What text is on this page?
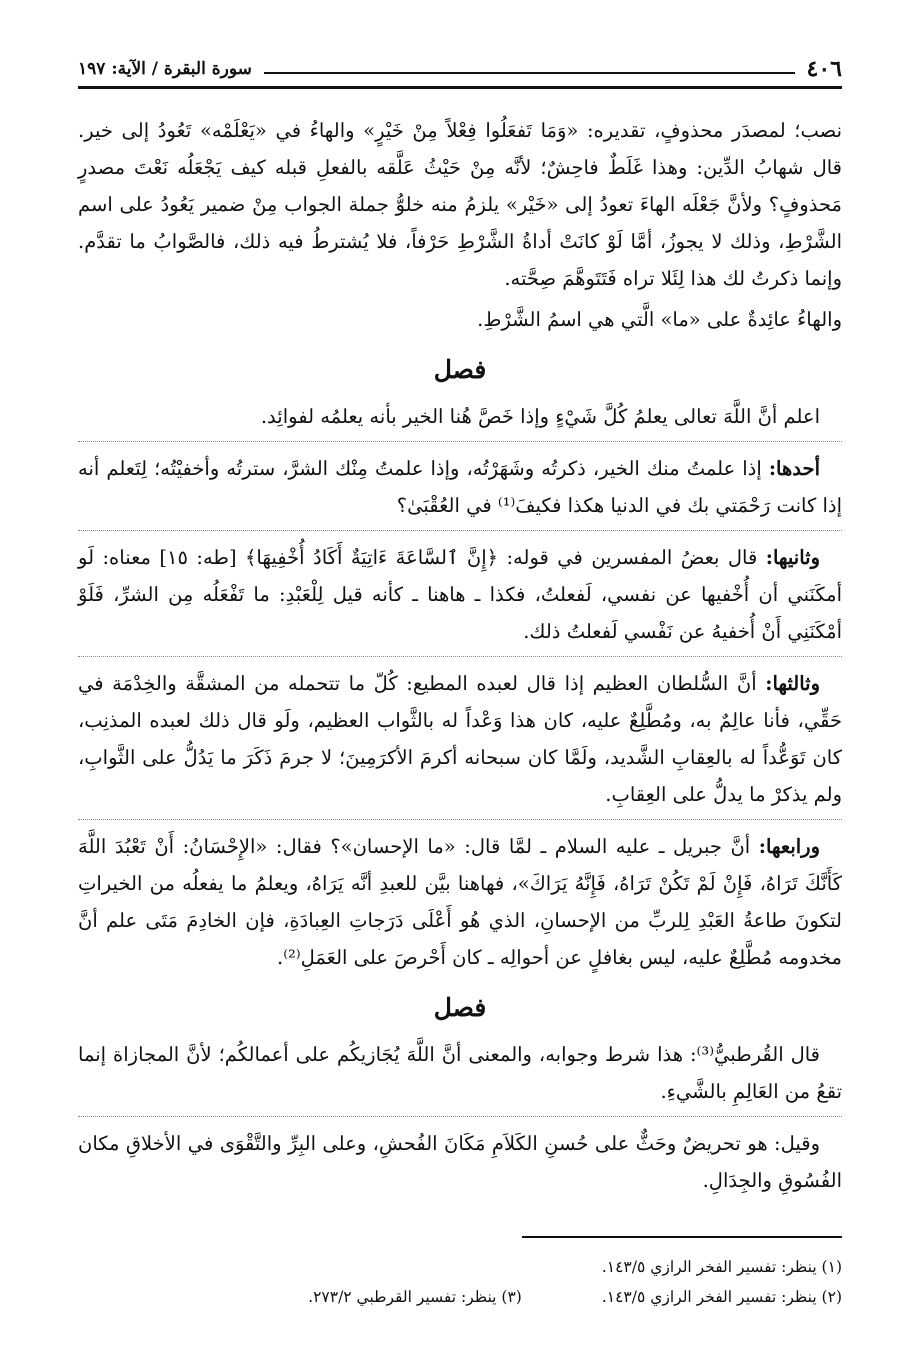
٤٠٦
سورة البقرة / الآية: ١٩٧

نصب؛ لمصدَر محذوفٍ، تقديره: «وَمَا تَفعَلُوا فِعْلاً مِنْ خَيْرٍ» والهاءُ في «يَعْلَمْه» تَعُودُ إلى خير. قال شهابُ الدِّين: وهذا غَلَطٌ فاحِشٌ؛ لأنَّه مِنْ حَيْثُ عَلَّقه بالفعلِ قبله كيف يَجْعَلُه نَعْتَ مصدرٍ مَحذوفٍ؟ ولأنَّ جَعْلَه الهاءَ تعودُ إلى «خَيْر» يلزمُ منه خلوُّ جملة الجواب مِنْ ضمير يَعُودُ على اسم الشَّرْطِ، وذلك لا يجوزُ، أمَّا لَوْ كانَتْ أداةُ الشَّرْطِ حَرْفاً، فلا يُشترطُ فيه ذلك، فالصَّوابُ ما تقدَّم. وإنما ذكرتُ لك هذا لِئَلا تراه فَتَتَوهَّمَ صِحَّته.

والهاءُ عائِدةٌ على «ما» الَّتي هي اسمُ الشَّرْطِ.

فصل

اعلم أنَّ اللَّهَ تعالى يعلمُ كُلَّ شَيْءٍ وإذا خَصَّ هُنا الخير بأنه يعلمُه لفوائِد.

أحدها: إذا علمتُ منك الخير، ذكرتُه وشَهَرْتُه، وإذا علمتُ مِنْك الشرَّ، سترتُه وأخفيْتُه؛ لِتَعلم أنه إذا كانت رَحْمَتي بك في الدنيا هكذا فكيفَ⁽¹⁾ في العُقْبَىٰ؟

وثانيها: قال بعضُ المفسرين في قوله: ﴿إِنَّ ٱلسَّاعَةَ ءَاتِيَةٌ أَكَادُ أُخْفِيهَا﴾ [طه: ١٥] معناه: لَو أمكَنَني أن أُخْفيها عن نفسي، لَفعلتُ، فكذا ـ هاهنا ـ كأنه قيل لِلْعَبْدِ: ما تَفْعَلُه مِن الشرِّ، فَلَوْ أمْكَنَنِي أَنْ أُخفيهُ عن نَفْسي لَفعلتُ ذلك.

وثالثها: أنَّ السُّلطان العظيم إذا قال لعبده المطيع: كُلّ ما تتحمله من المشقَّة والخِدْمَة في حَقِّي، فأنا عالِمٌ به، ومُطَّلِعٌ عليه، كان هذا وَعْداً له بالثَّواب العظيم، ولَو قال ذلك لعبده المذنِب، كان تَوَعُّداً له بالعِقابِ الشَّديد، ولَمَّا كان سبحانه أكرمَ الأكرَمِينَ؛ لا جرمَ ذَكَرَ ما يَدُلُّ على الثَّوابِ، ولم يذكرْ ما يدلُّ على العِقابِ.

ورابعها: أنَّ جبريل ـ عليه السلام ـ لمَّا قال: «ما الإحسان»؟ فقال: «الإِحْسَانُ: أَنْ تَعْبُدَ اللَّهَ كَأَنَّكَ تَرَاهُ، فَإِنْ لَمْ تَكُنْ تَرَاهُ، فَإِنَّهُ يَرَاكَ»، فهاهنا بيَّن للعبدِ أنَّه يَرَاهُ، ويعلمُ ما يفعلُه من الخيراتِ لتكونَ طاعةُ العَبْدِ لِلربِّ من الإحسانِ، الذي هُو أَعْلَى دَرَجاتِ العِبادَةِ، فإن الخادِمَ مَتَى علم أنَّ مخدومه مُطَّلِعٌ عليه، ليس بغافلٍ عن أحوالِه ـ كان أَحْرصَ على العَمَلِ⁽²⁾.

فصل

قال القُرطبيُّ⁽³⁾: هذا شرط وجوابه، والمعنى أنَّ اللَّهَ يُجَازيكُم على أعمالكُم؛ لأنَّ المجازاة إنما تقعُ من العَالِمِ بالشَّيءِ.

وقيل: هو تحريضٌ وحَثٌّ على حُسنِ الكَلاَمِ مَكَانَ الفُحشِ، وعلى البِرِّ والتَّقْوَى في الأخلاقِ مكان الفُسُوقِ والجِدَالِ.

(١) ينظر: تفسير الفخر الرازي ١٤٣/٥.
(٢) ينظر: تفسير الفخر الرازي ١٤٣/٥.
(٣) ينظر: تفسير القرطبي ٢٧٣/٢.
